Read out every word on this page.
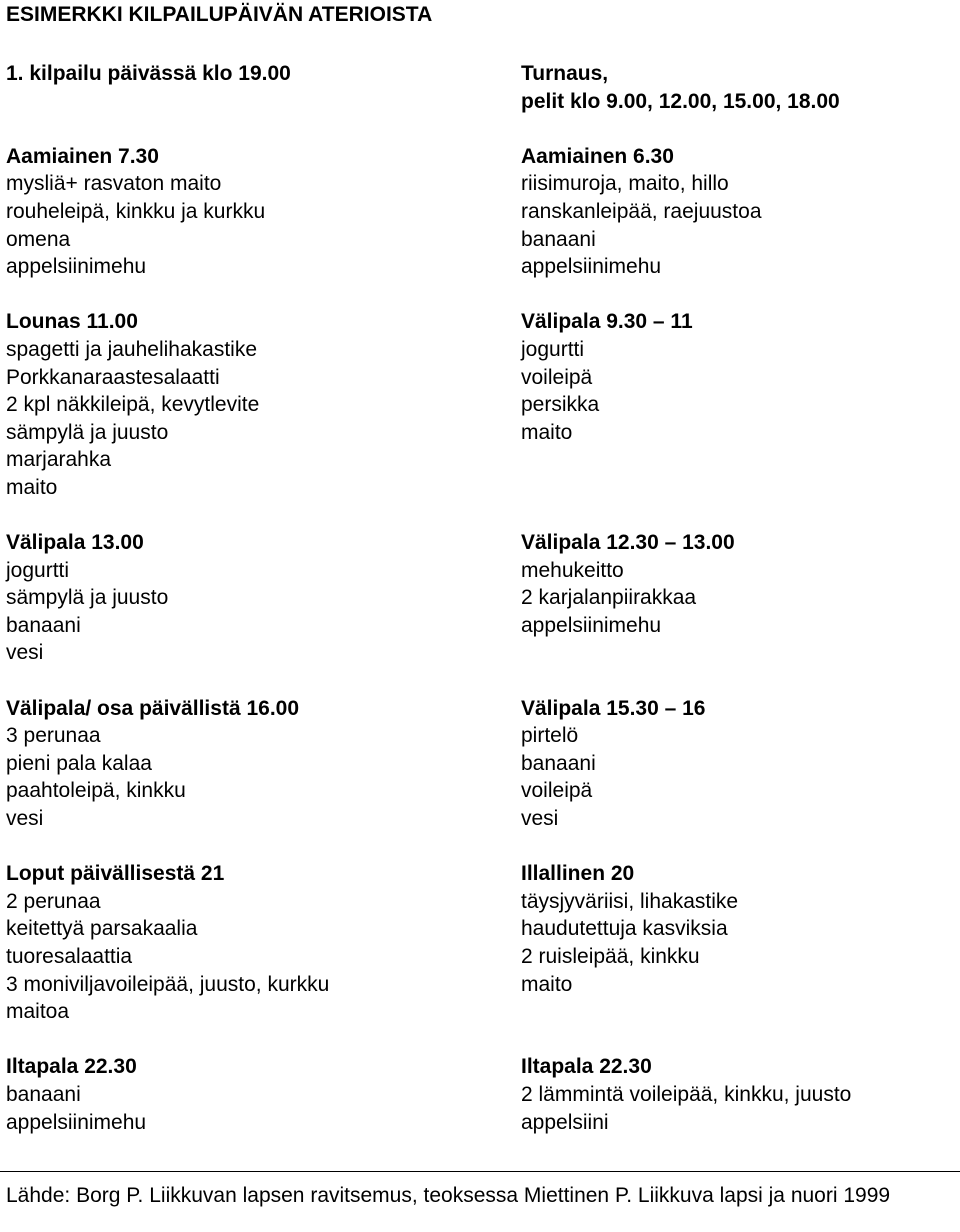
ESIMERKKI KILPAILUPÄIVÄN ATERIOISTA
1. kilpailu päivässä klo 19.00
Aamiainen 7.30
mysliä+ rasvaton maito
rouheleipä, kinkku ja kurkku
omena
appelsiinimehu
Lounas 11.00
spagetti ja jauhelihakastike
Porkkanaraastesalaatti
2 kpl näkkileipä, kevytlevite
sämpylä ja juusto
marjarahka
maito
Välipala 13.00
jogurtti
sämpylä ja juusto
banaani
vesi
Välipala/ osa päivällistä 16.00
3 perunaa
pieni pala kalaa
paahtoleipä, kinkku
vesi
Loput päivällisestä 21
2 perunaa
keitettyä parsakaalia
tuoresalaattia
3 moniviljavoileipää, juusto, kurkku
maitoa
Iltapala 22.30
banaani
appelsiinimehu
Turnaus,
pelit klo 9.00, 12.00, 15.00, 18.00
Aamiainen 6.30
riisimuroja, maito, hillo
ranskanleipää, raejuustoa
banaani
appelsiinimehu
Välipala 9.30 – 11
jogurtti
voileipä
persikka
maito
Välipala 12.30 – 13.00
mehukeitto
2 karjalanpiirakkaa
appelsiinimehu
Välipala 15.30 – 16
pirtelö
banaani
voileipä
vesi
Illallinen 20
täysjyväriisi, lihakastike
haudutettuja kasviksia
2 ruisleipää, kinkku
maito
Iltapala 22.30
2 lämmintä voileipää, kinkku, juusto
appelsiini
Lähde: Borg P. Liikkuvan lapsen ravitsemus, teoksessa Miettinen P. Liikkuva lapsi ja nuori 1999
